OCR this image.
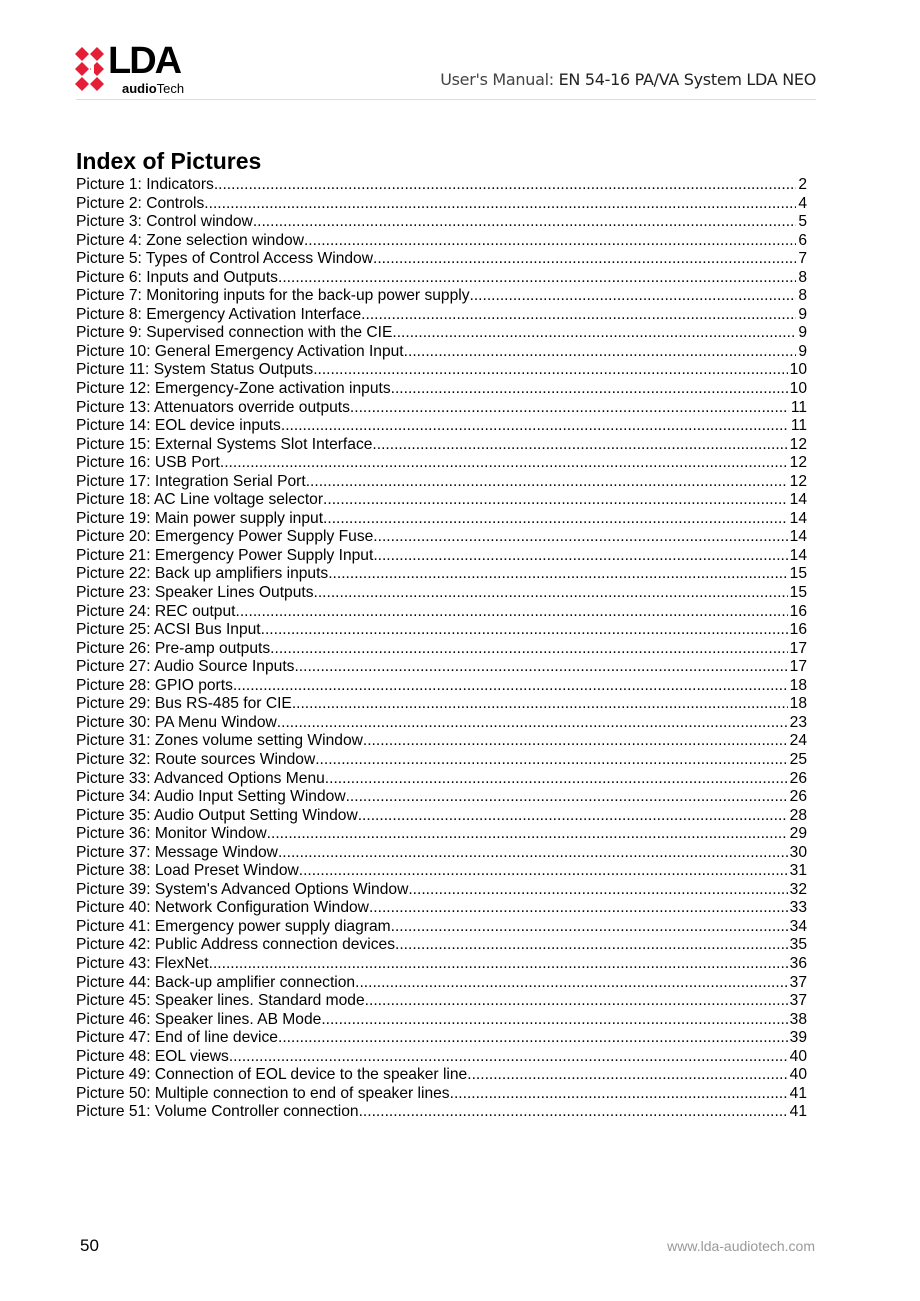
LDA
audioTech	User's Manual: EN 54-16 PA/VA System LDA NEO
Index of Pictures
Picture 1: Indicators .....	2
Picture 2: Controls .....	4
Picture 3: Control window .....	5
Picture 4: Zone selection window .....	6
Picture 5: Types of Control Access Window .....	7
Picture 6: Inputs and Outputs .....	8
Picture 7: Monitoring inputs for the back-up power supply .....	8
Picture 8: Emergency Activation Interface .....	9
Picture 9: Supervised connection with the CIE .....	9
Picture 10: General Emergency Activation Input .....	9
Picture 11: System Status Outputs .....	10
Picture 12: Emergency-Zone activation inputs .....	10
Picture 13: Attenuators override outputs .....	11
Picture 14: EOL device inputs .....	11
Picture 15: External Systems Slot Interface .....	12
Picture 16: USB Port .....	12
Picture 17: Integration Serial Port .....	12
Picture 18: AC Line voltage selector .....	14
Picture 19: Main power supply input .....	14
Picture 20: Emergency Power Supply Fuse .....	14
Picture 21: Emergency Power Supply Input .....	14
Picture 22: Back up amplifiers inputs .....	15
Picture 23: Speaker Lines Outputs .....	15
Picture 24: REC output .....	16
Picture 25: ACSI Bus Input .....	16
Picture 26: Pre-amp outputs .....	17
Picture 27: Audio Source Inputs .....	17
Picture 28: GPIO ports .....	18
Picture 29: Bus RS-485 for CIE .....	18
Picture 30: PA Menu Window .....	23
Picture 31: Zones volume setting Window .....	24
Picture 32: Route sources Window .....	25
Picture 33: Advanced Options Menu .....	26
Picture 34: Audio Input Setting Window .....	26
Picture 35: Audio Output Setting Window .....	28
Picture 36: Monitor Window .....	29
Picture 37: Message Window .....	30
Picture 38: Load Preset Window .....	31
Picture 39: System's Advanced Options Window .....	32
Picture 40: Network Configuration Window .....	33
Picture 41: Emergency power supply diagram .....	34
Picture 42: Public Address connection devices .....	35
Picture 43: FlexNet .....	36
Picture 44: Back-up amplifier connection .....	37
Picture 45: Speaker lines. Standard mode .....	37
Picture 46: Speaker lines. AB Mode .....	38
Picture 47: End of line device .....	39
Picture 48: EOL views .....	40
Picture 49: Connection of EOL device to the speaker line .....	40
Picture 50: Multiple connection to end of speaker lines .....	41
Picture 51: Volume Controller connection .....	41
50	www.lda-audiotech.com
